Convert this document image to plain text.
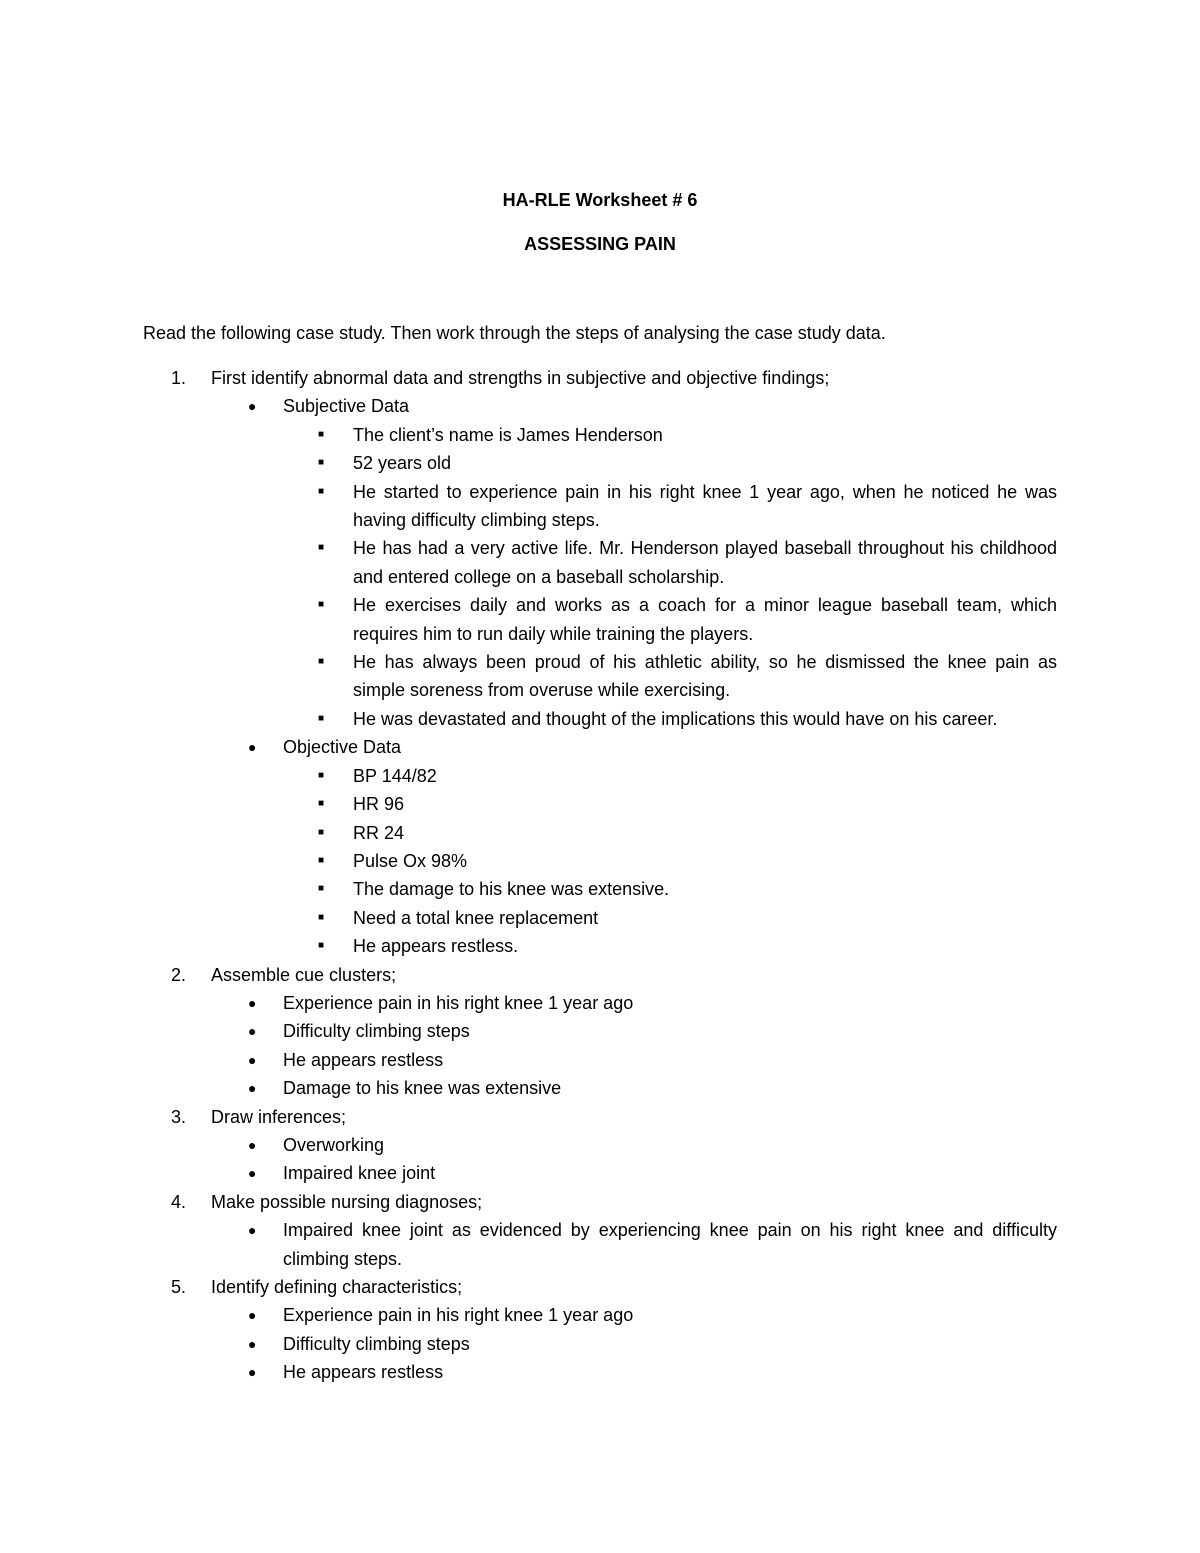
HA-RLE Worksheet # 6
ASSESSING PAIN
Read the following case study. Then work through the steps of analysing the case study data.
1.	First identify abnormal data and strengths in subjective and objective findings;
●	Subjective Data
■	The client’s name is James Henderson
■	52 years old
■	He started to experience pain in his right knee 1 year ago, when he noticed he was having difficulty climbing steps.
■	He has had a very active life. Mr. Henderson played baseball throughout his childhood and entered college on a baseball scholarship.
■	He exercises daily and works as a coach for a minor league baseball team, which requires him to run daily while training the players.
■	He has always been proud of his athletic ability, so he dismissed the knee pain as simple soreness from overuse while exercising.
■	He was devastated and thought of the implications this would have on his career.
●	Objective Data
■	BP 144/82
■	HR 96
■	RR 24
■	Pulse Ox 98%
■	The damage to his knee was extensive.
■	Need a total knee replacement
■	He appears restless.
2.	Assemble cue clusters;
●	Experience pain in his right knee 1 year ago
●	Difficulty climbing steps
●	He appears restless
●	Damage to his knee was extensive
3.	Draw inferences;
●	Overworking
●	Impaired knee joint
4.	Make possible nursing diagnoses;
●	Impaired knee joint as evidenced by experiencing knee pain on his right knee and difficulty climbing steps.
5.	Identify defining characteristics;
●	Experience pain in his right knee 1 year ago
●	Difficulty climbing steps
●	He appears restless
